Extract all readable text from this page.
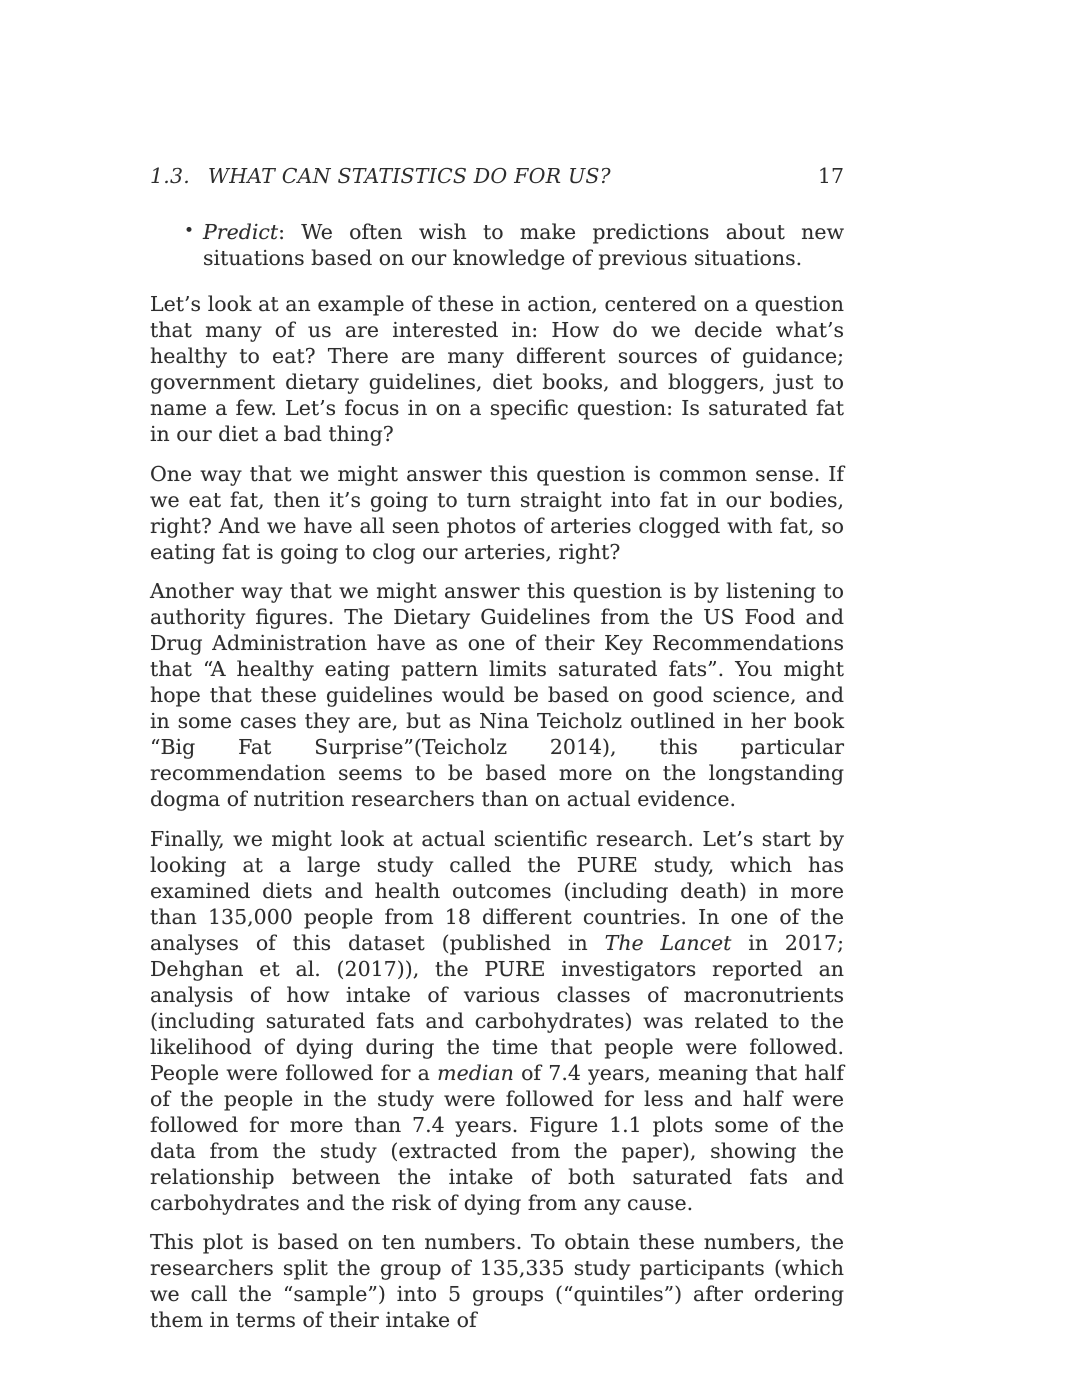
1.3. WHAT CAN STATISTICS DO FOR US?	17
• Predict: We often wish to make predictions about new situations based on our knowledge of previous situations.

Let’s look at an example of these in action, centered on a question that many of us are interested in: How do we decide what’s healthy to eat? There are many different sources of guidance; government dietary guidelines, diet books, and bloggers, just to name a few. Let’s focus in on a specific question: Is saturated fat in our diet a bad thing?

One way that we might answer this question is common sense. If we eat fat, then it’s going to turn straight into fat in our bodies, right? And we have all seen photos of arteries clogged with fat, so eating fat is going to clog our arteries, right?

Another way that we might answer this question is by listening to authority figures. The Dietary Guidelines from the US Food and Drug Administration have as one of their Key Recommendations that “A healthy eating pattern limits saturated fats”. You might hope that these guidelines would be based on good science, and in some cases they are, but as Nina Teicholz outlined in her book “Big Fat Surprise”(Teicholz 2014), this particular recommendation seems to be based more on the longstanding dogma of nutrition researchers than on actual evidence.

Finally, we might look at actual scientific research. Let’s start by looking at a large study called the PURE study, which has examined diets and health outcomes (including death) in more than 135,000 people from 18 different countries. In one of the analyses of this dataset (published in The Lancet in 2017; Dehghan et al. (2017)), the PURE investigators reported an analysis of how intake of various classes of macronutrients (including saturated fats and carbohydrates) was related to the likelihood of dying during the time that people were followed. People were followed for a median of 7.4 years, meaning that half of the people in the study were followed for less and half were followed for more than 7.4 years. Figure 1.1 plots some of the data from the study (extracted from the paper), showing the relationship between the intake of both saturated fats and carbohydrates and the risk of dying from any cause.

This plot is based on ten numbers. To obtain these numbers, the researchers split the group of 135,335 study participants (which we call the “sample”) into 5 groups (“quintiles”) after ordering them in terms of their intake of
